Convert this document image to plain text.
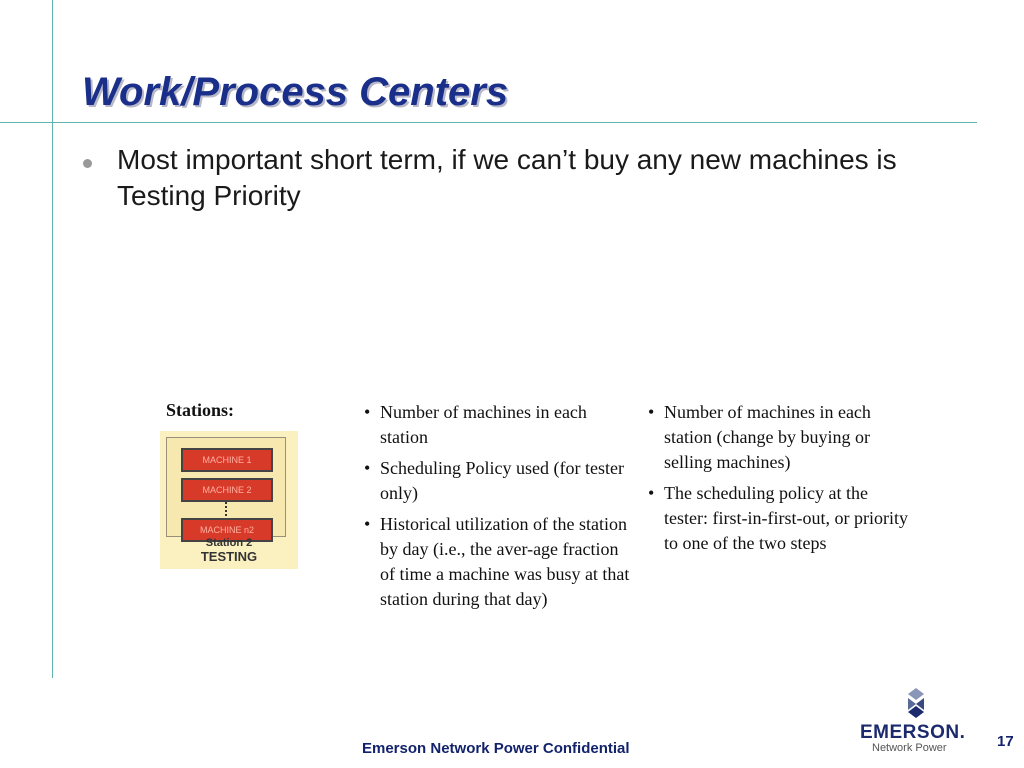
Work/Process Centers
Most important short term, if we can’t buy any new machines is Testing Priority
Stations:
MACHINE 1
MACHINE 2
MACHINE n2
Station 2
TESTING
• Number of machines in each station
• Scheduling Policy used (for tester only)
• Historical utilization of the station by day (i.e., the aver-age fraction of time a machine was busy at that station during that day)
• Number of machines in each station (change by buying or selling machines)
• The scheduling policy at the tester: first-in-first-out, or priority to one of the two steps
Emerson Network Power Confidential
EMERSON.
Network Power	17
